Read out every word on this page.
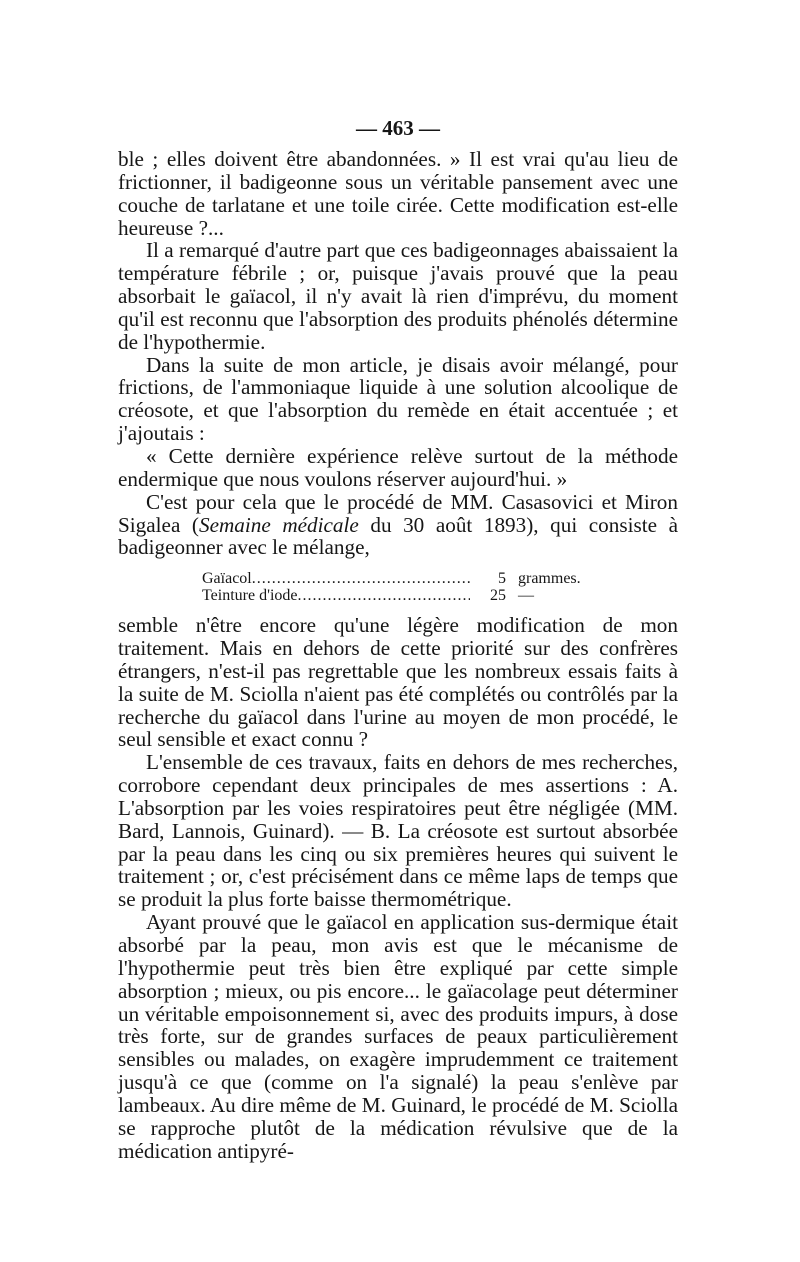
— 463 —

ble ; elles doivent être abandonnées. » Il est vrai qu'au lieu de frictionner, il badigeonne sous un véritable pansement avec une couche de tarlatane et une toile cirée. Cette modification est-elle heureuse ?...

Il a remarqué d'autre part que ces badigeonnages abaissaient la température fébrile ; or, puisque j'avais prouvé que la peau absorbait le gaïacol, il n'y avait là rien d'imprévu, du moment qu'il est reconnu que l'absorption des produits phénolés détermine de l'hypothermie.

Dans la suite de mon article, je disais avoir mélangé, pour frictions, de l'ammoniaque liquide à une solution alcoolique de créosote, et que l'absorption du remède en était accentuée ; et j'ajoutais :

« Cette dernière expérience relève surtout de la méthode endermique que nous voulons réserver aujourd'hui. »

C'est pour cela que le procédé de MM. Casasovici et Miron Sigalea (Semaine médicale du 30 août 1893), qui consiste à badigeonner avec le mélange,

Gaïacol .....	5 grammes.
Teinture d'iode .....	25 —

semble n'être encore qu'une légère modification de mon traitement. Mais en dehors de cette priorité sur des confrères étrangers, n'est-il pas regrettable que les nombreux essais faits à la suite de M. Sciolla n'aient pas été complétés ou contrôlés par la recherche du gaïacol dans l'urine au moyen de mon procédé, le seul sensible et exact connu ?

L'ensemble de ces travaux, faits en dehors de mes recherches, corrobore cependant deux principales de mes assertions : A. L'absorption par les voies respiratoires peut être négligée (MM. Bard, Lannois, Guinard). — B. La créosote est surtout absorbée par la peau dans les cinq ou six premières heures qui suivent le traitement ; or, c'est précisément dans ce même laps de temps que se produit la plus forte baisse thermométrique.

Ayant prouvé que le gaïacol en application sus-dermique était absorbé par la peau, mon avis est que le mécanisme de l'hypothermie peut très bien être expliqué par cette simple absorption ; mieux, ou pis encore... le gaïacolage peut déterminer un véritable empoisonnement si, avec des produits impurs, à dose très forte, sur de grandes surfaces de peaux particulièrement sensibles ou malades, on exagère imprudemment ce traitement jusqu'à ce que (comme on l'a signalé) la peau s'enlève par lambeaux. Au dire même de M. Guinard, le procédé de M. Sciolla se rapproche plutôt de la médication révulsive que de la médication antipyré-
